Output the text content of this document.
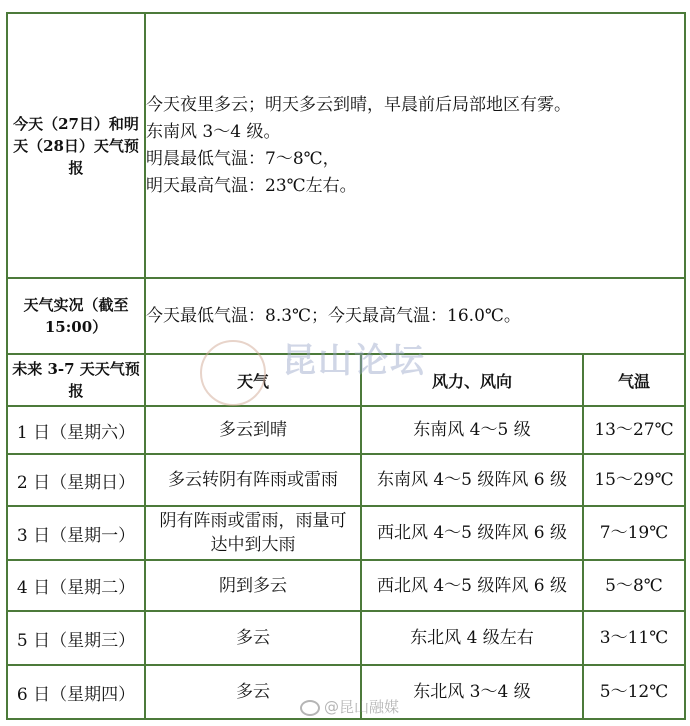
今天（27日）和明天（28日）天气预报	今天夜里多云；明天多云到晴，早晨前后局部地区有雾。
东南风 3～4 级。
明晨最低气温：7～8℃，
明天最高气温：23℃左右。		

天气实况（截至 15:00）	今天最低气温：8.3℃；今天最高气温：16.0℃。		
未来 3-7 天天气预报	天气	风力、风向	气温
1 日（星期六）	多云到晴	东南风 4～5 级	13～27℃
2 日（星期日）	多云转阴有阵雨或雷雨	东南风 4～5 级阵风 6 级	15～29℃
3 日（星期一）	阴有阵雨或雷雨，雨量可达中到大雨	西北风 4～5 级阵风 6 级	7～19℃
4 日（星期二）	阴到多云	西北风 4～5 级阵风 6 级	5～8℃
5 日（星期三）	多云	东北风 4 级左右	3～11℃
6 日（星期四）	多云	东北风 3～4 级	5～12℃
昆山论坛
@昆山融媒
